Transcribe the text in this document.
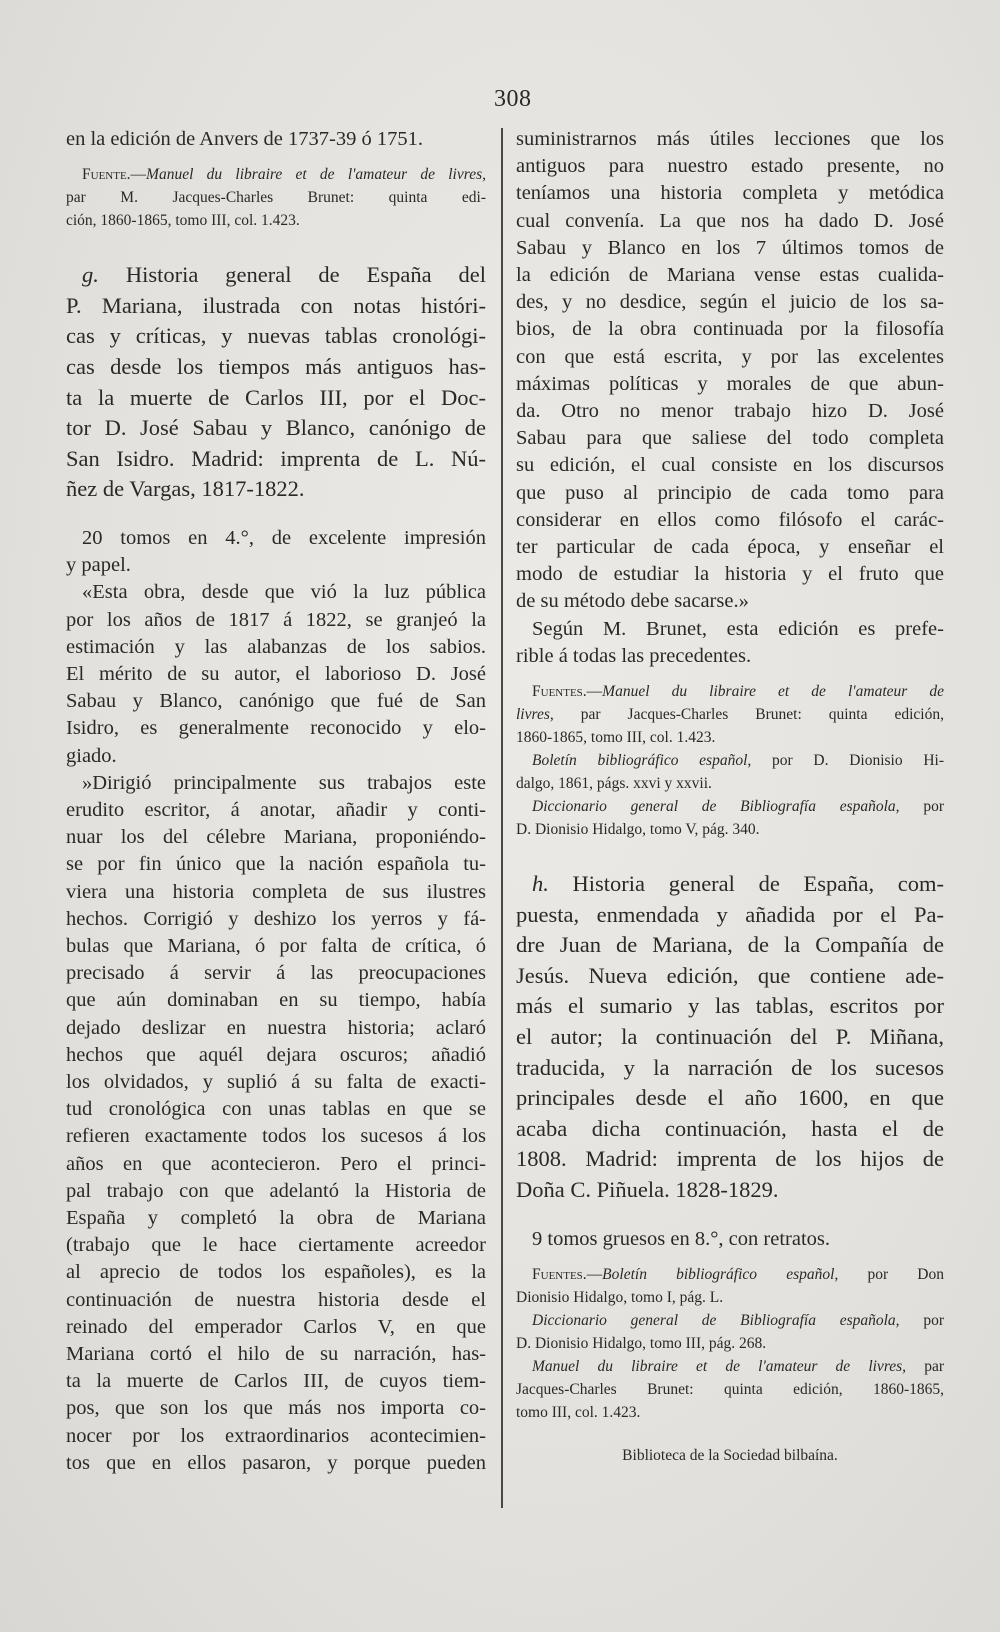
308
en la edición de Anvers de 1737-39 ó 1751.
Fuente.—Manuel du libraire et de l'amateur de livres,
par M. Jacques-Charles Brunet: quinta edi-
ción, 1860-1865, tomo III, col. 1.423.
g. Historia general de España del
P. Mariana, ilustrada con notas históri-
cas y críticas, y nuevas tablas cronológi-
cas desde los tiempos más antiguos has-
ta la muerte de Carlos III, por el Doc-
tor D. José Sabau y Blanco, canónigo de
San Isidro. Madrid: imprenta de L. Nú-
ñez de Vargas, 1817-1822.
20 tomos en 4.°, de excelente impresión
y papel.
«Esta obra, desde que vió la luz pública
por los años de 1817 á 1822, se granjeó la
estimación y las alabanzas de los sabios.
El mérito de su autor, el laborioso D. José
Sabau y Blanco, canónigo que fué de San
Isidro, es generalmente reconocido y elo-
giado.
»Dirigió principalmente sus trabajos este
erudito escritor, á anotar, añadir y conti-
nuar los del célebre Mariana, proponiéndo-
se por fin único que la nación española tu-
viera una historia completa de sus ilustres
hechos. Corrigió y deshizo los yerros y fá-
bulas que Mariana, ó por falta de crítica, ó
precisado á servir á las preocupaciones
que aún dominaban en su tiempo, había
dejado deslizar en nuestra historia; aclaró
hechos que aquél dejara oscuros; añadió
los olvidados, y suplió á su falta de exacti-
tud cronológica con unas tablas en que se
refieren exactamente todos los sucesos á los
años en que acontecieron. Pero el princi-
pal trabajo con que adelantó la Historia de
España y completó la obra de Mariana
(trabajo que le hace ciertamente acreedor
al aprecio de todos los españoles), es la
continuación de nuestra historia desde el
reinado del emperador Carlos V, en que
Mariana cortó el hilo de su narración, has-
ta la muerte de Carlos III, de cuyos tiem-
pos, que son los que más nos importa co-
nocer por los extraordinarios acontecimien-
tos que en ellos pasaron, y porque pueden
suministrarnos más útiles lecciones que los
antiguos para nuestro estado presente, no
teníamos una historia completa y metódica
cual convenía. La que nos ha dado D. José
Sabau y Blanco en los 7 últimos tomos de
la edición de Mariana vense estas cualida-
des, y no desdice, según el juicio de los sa-
bios, de la obra continuada por la filosofía
con que está escrita, y por las excelentes
máximas políticas y morales de que abun-
da. Otro no menor trabajo hizo D. José
Sabau para que saliese del todo completa
su edición, el cual consiste en los discursos
que puso al principio de cada tomo para
considerar en ellos como filósofo el carác-
ter particular de cada época, y enseñar el
modo de estudiar la historia y el fruto que
de su método debe sacarse.»
Según M. Brunet, esta edición es prefe-
rible á todas las precedentes.
Fuentes.—Manuel du libraire et de l'amateur de
livres, par Jacques-Charles Brunet: quinta edición,
1860-1865, tomo III, col. 1.423.
Boletín bibliográfico español, por D. Dionisio Hi-
dalgo, 1861, págs. xxvi y xxvii.
Diccionario general de Bibliografía española, por
D. Dionisio Hidalgo, tomo V, pág. 340.
h. Historia general de España, com-
puesta, enmendada y añadida por el Pa-
dre Juan de Mariana, de la Compañía de
Jesús. Nueva edición, que contiene ade-
más el sumario y las tablas, escritos por
el autor; la continuación del P. Miñana,
traducida, y la narración de los sucesos
principales desde el año 1600, en que
acaba dicha continuación, hasta el de
1808. Madrid: imprenta de los hijos de
Doña C. Piñuela. 1828-1829.
9 tomos gruesos en 8.°, con retratos.
Fuentes.—Boletín bibliográfico español, por Don
Dionisio Hidalgo, tomo I, pág. L.
Diccionario general de Bibliografía española, por
D. Dionisio Hidalgo, tomo III, pág. 268.
Manuel du libraire et de l'amateur de livres, par
Jacques-Charles Brunet: quinta edición, 1860-1865,
tomo III, col. 1.423.
Biblioteca de la Sociedad bilbaína.
